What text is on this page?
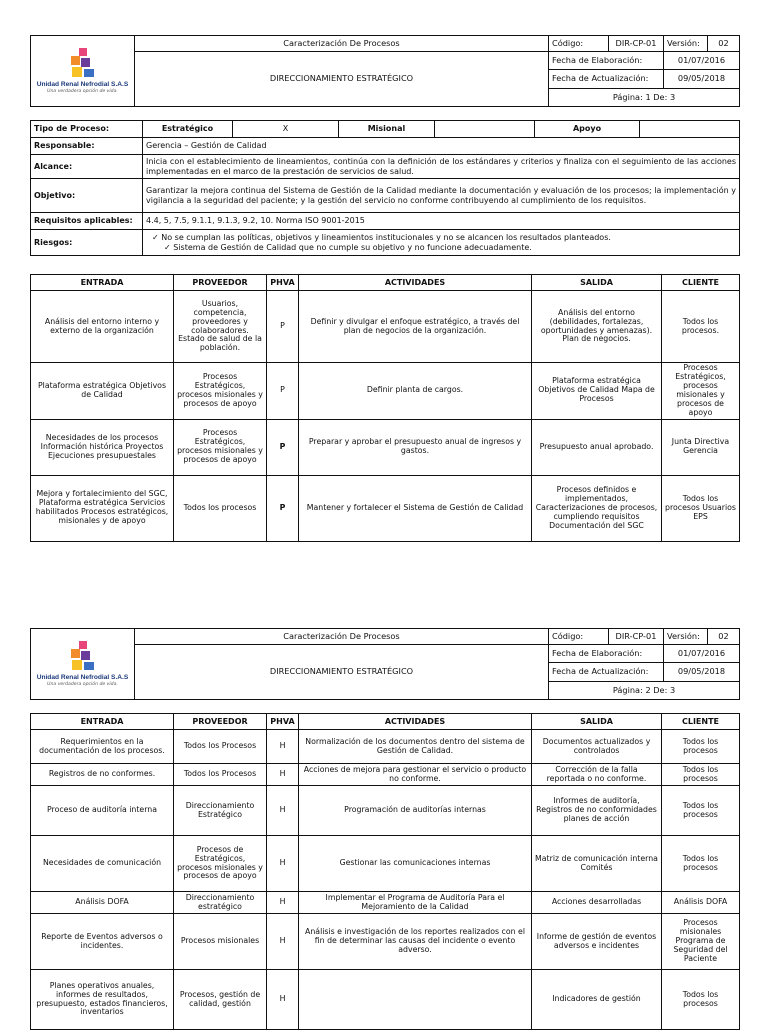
Unidad Renal Nefrodial S.A.S
Una verdadera opción de vida.	Caracterización De Procesos	Código:	DIR-CP-01	Versión:	02
	DIRECCIONAMIENTO ESTRATÉGICO	Fecha de Elaboración:		01/07/2016	
		Fecha de Actualización:		09/05/2018	
		Página: 1 De: 3			
Tipo de Proceso:	Estratégico	X	Misional		Apoyo	
Responsable:	Gerencia – Gestión de Calidad					
Alcance:	Inicia con el establecimiento de lineamientos, continúa con la definición de los estándares y criterios y finaliza con el seguimiento de las acciones implementadas en el marco de la prestación de servicios de salud.					
Objetivo:	Garantizar la mejora continua del Sistema de Gestión de la Calidad mediante la documentación y evaluación de los procesos; la implementación y vigilancia a la seguridad del paciente; y la gestión del servicio no conforme contribuyendo al cumplimiento de los requisitos.					
Requisitos aplicables:	4.4, 5, 7.5, 9.1.1, 9.1.3, 9.2, 10. Norma ISO 9001-2015					
Riesgos:	✓ No se cumplan las políticas, objetivos y lineamientos institucionales y no se alcancen los resultados planteados.
✓ Sistema de Gestión de Calidad que no cumple su objetivo y no funcione adecuadamente.					
ENTRADA	PROVEEDOR	PHVA	ACTIVIDADES	SALIDA	CLIENTE
Análisis del entorno interno y externo de la organización	Usuarios, competencia, proveedores y colaboradores. Estado de salud de la población.	P	Definir y divulgar el enfoque estratégico, a través del plan de negocios de la organización.	Análisis del entorno (debilidades, fortalezas, oportunidades y amenazas). Plan de negocios.	Todos los procesos.
Plataforma estratégica Objetivos de Calidad	Procesos Estratégicos, procesos misionales y procesos de apoyo	P	Definir planta de cargos.	Plataforma estratégica Objetivos de Calidad Mapa de Procesos	Procesos Estratégicos, procesos misionales y procesos de apoyo
Necesidades de los procesos Información histórica Proyectos Ejecuciones presupuestales	Procesos Estratégicos, procesos misionales y procesos de apoyo	P	Preparar y aprobar el presupuesto anual de ingresos y gastos.	Presupuesto anual aprobado.	Junta Directiva Gerencia
Mejora y fortalecimiento del SGC, Plataforma estratégica Servicios habilitados Procesos estratégicos, misionales y de apoyo	Todos los procesos	P	Mantener y fortalecer el Sistema de Gestión de Calidad	Procesos definidos e implementados, Caracterizaciones de procesos, cumpliendo requisitos Documentación del SGC	Todos los procesos Usuarios EPS
Unidad Renal Nefrodial S.A.S
Una verdadera opción de vida.	Caracterización De Procesos	Código:	DIR-CP-01	Versión:	02
	DIRECCIONAMIENTO ESTRATÉGICO	Fecha de Elaboración:		01/07/2016	
		Fecha de Actualización:		09/05/2018	
		Página: 2 De: 3			
ENTRADA	PROVEEDOR	PHVA	ACTIVIDADES	SALIDA	CLIENTE
Requerimientos en la documentación de los procesos.	Todos los Procesos	H	Normalización de los documentos dentro del sistema de Gestión de Calidad.	Documentos actualizados y controlados	Todos los procesos
Registros de no conformes.	Todos los Procesos	H	Acciones de mejora para gestionar el servicio o producto no conforme.	Corrección de la falla reportada o no conforme.	Todos los procesos
Proceso de auditoría interna	Direccionamiento Estratégico	H	Programación de auditorías internas	Informes de auditoría, Registros de no conformidades planes de acción	Todos los procesos
Necesidades de comunicación	Procesos de Estratégicos, procesos misionales y procesos de apoyo	H	Gestionar las comunicaciones internas	Matriz de comunicación interna Comités	Todos los procesos
Análisis DOFA	Direccionamiento estratégico	H	Implementar el Programa de Auditoría Para el Mejoramiento de la Calidad	Acciones desarrolladas	Análisis DOFA
Reporte de Eventos adversos o incidentes.	Procesos misionales	H	Análisis e investigación de los reportes realizados con el fin de determinar las causas del incidente o evento adverso.	Informe de gestión de eventos adversos e incidentes	Procesos misionales Programa de Seguridad del Paciente
Planes operativos anuales, informes de resultados, presupuesto, estados financieros, inventarios	Procesos, gestión de calidad, gestión	H		Indicadores de gestión	Todos los procesos
